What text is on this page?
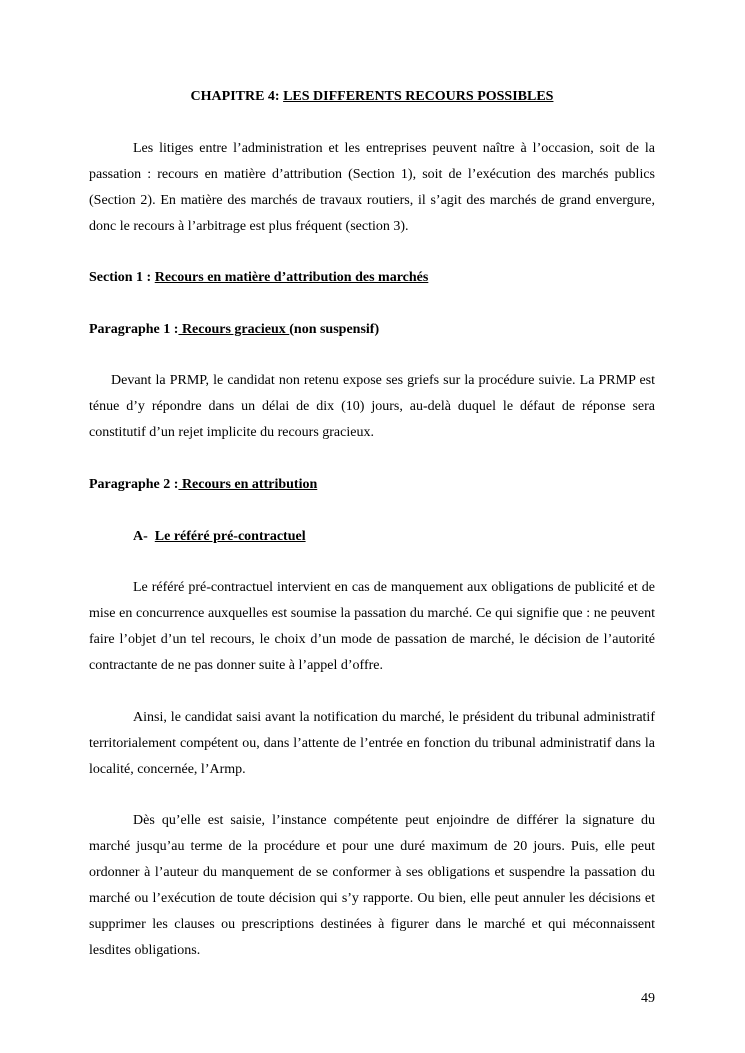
CHAPITRE 4: LES DIFFERENTS RECOURS POSSIBLES
Les litiges entre l’administration et les entreprises peuvent naître à l’occasion, soit de la passation : recours en matière d’attribution (Section 1), soit de l’exécution des marchés publics (Section 2). En matière des marchés de travaux routiers, il s’agit des marchés de grand envergure, donc le recours à l’arbitrage est plus fréquent (section 3).
Section 1 : Recours en matière d’attribution des marchés
Paragraphe 1 : Recours gracieux (non suspensif)
Devant la PRMP, le candidat non retenu expose ses griefs sur la procédure suivie. La PRMP est ténue d’y répondre dans un délai de dix (10) jours, au-delà duquel le défaut de réponse sera constitutif d’un rejet implicite du recours gracieux.
Paragraphe 2 : Recours en attribution
A-  Le référé pré-contractuel
Le référé pré-contractuel intervient en cas de manquement aux obligations de publicité et de mise en concurrence auxquelles est soumise la passation du marché. Ce qui signifie que : ne peuvent faire l’objet d’un tel recours, le choix d’un mode de passation de marché, le décision de l’autorité contractante de ne pas donner suite à l’appel d’offre.
Ainsi, le candidat saisi avant la notification du marché, le président du tribunal administratif territorialement compétent ou, dans l’attente de l’entrée en fonction du tribunal administratif dans la localité, concernée, l’Armp.
Dès qu’elle est saisie, l’instance compétente peut enjoindre de différer la signature du marché jusqu’au terme de la procédure et pour une duré maximum de 20 jours. Puis, elle peut ordonner à l’auteur du manquement de se conformer à ses obligations et suspendre la passation du marché ou l’exécution de toute décision qui s’y rapporte. Ou bien, elle peut annuler les décisions et supprimer les clauses ou prescriptions destinées à figurer dans le marché et qui méconnaissent lesdites obligations.
49
